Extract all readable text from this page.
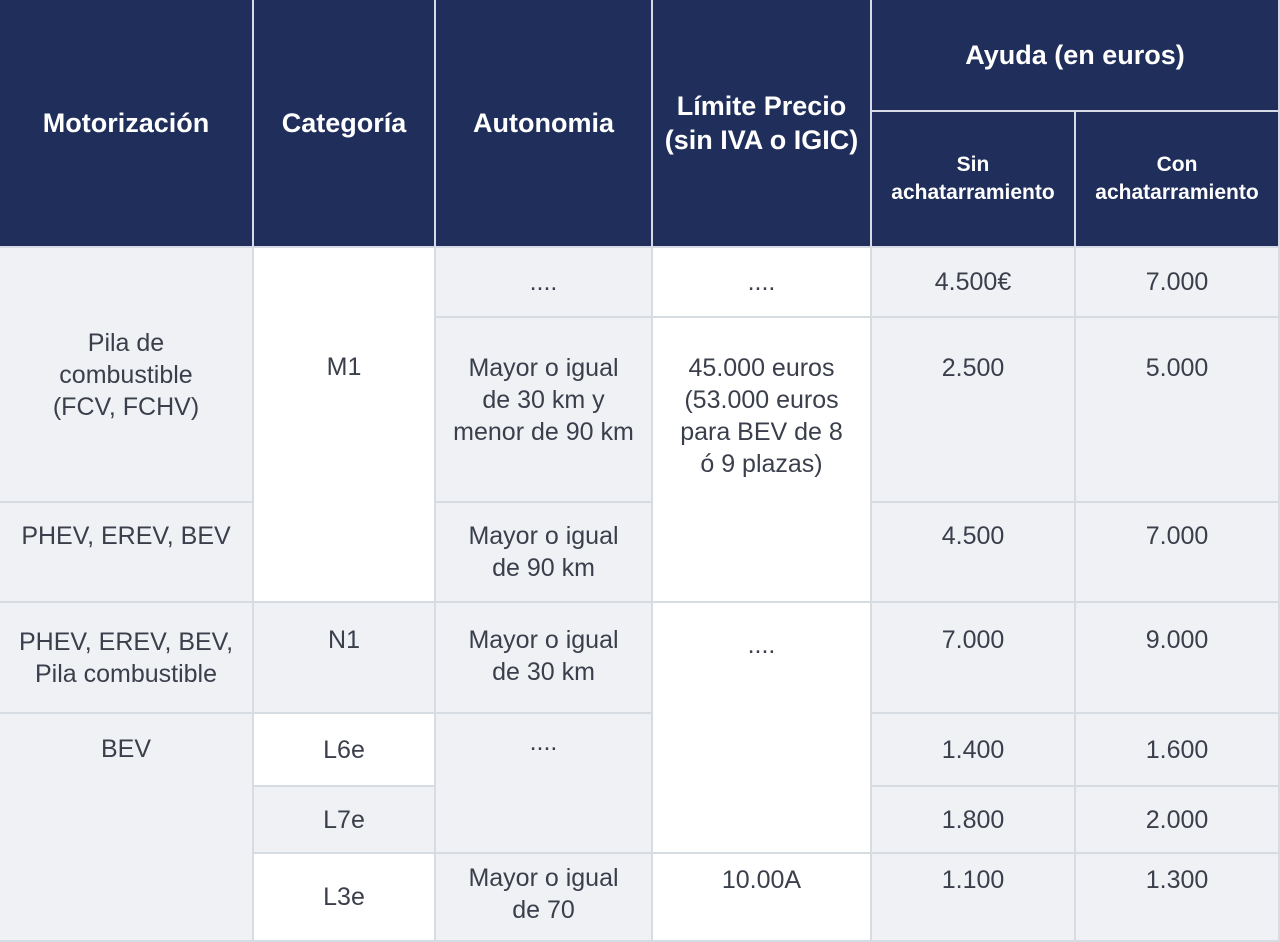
Motorización	Categoría Autonomia
Límite Precio
(sin IVA o IGIC)
Ayuda (en euros)
Sin
achatarramiento
Con
achatarramiento
Pila de
combustible
(FCV, FCHV)
PHEV, EREV, BEV
PHEV, EREV, BEV,
Pila combustible
BEV
M1
N1
L6e
L7e
L3e
....
Mayor o igual
de 30 km y
menor de 90 km
Mayor o igual
de 90 km
Mayor o igual
de 30 km
....
Mayor o igual
de 70
....
45.000 euros
(53.000 euros
para BEV de 8
ó 9 plazas)
....
10.00A
4.500€
2.500
4.500
7.000
1.400
1.800
1.100
7.000
5.000
7.000
9.000
1.600
2.000
1.300
